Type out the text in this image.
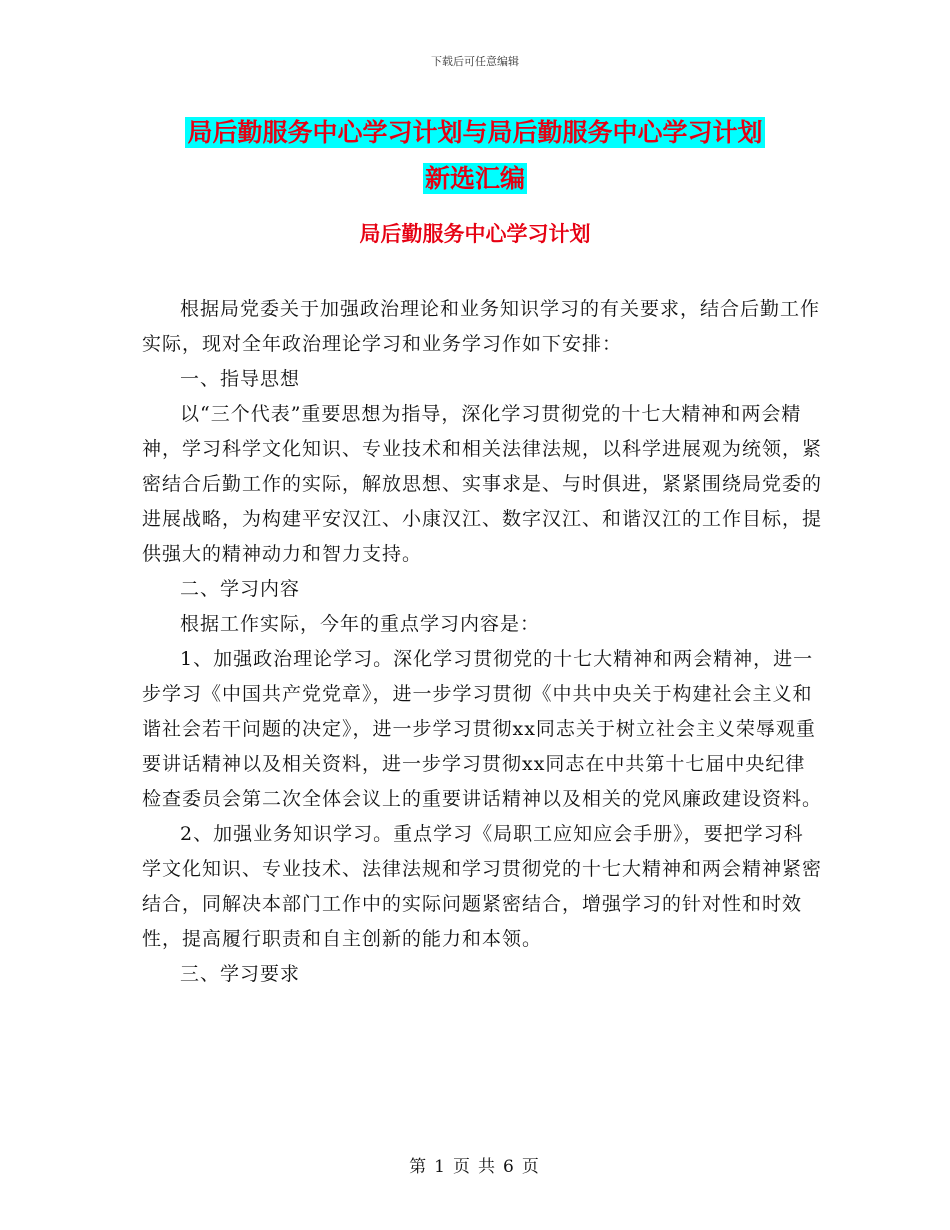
下载后可任意编辑
局后勤服务中心学习计划与局后勤服务中心学习计划
新选汇编
局后勤服务中心学习计划

根据局党委关于加强政治理论和业务知识学习的有关要求，结合后勤工作实际，现对全年政治理论学习和业务学习作如下安排：

一、指导思想

以“三个代表”重要思想为指导，深化学习贯彻党的十七大精神和两会精神，学习科学文化知识、专业技术和相关法律法规，以科学进展观为统领，紧密结合后勤工作的实际，解放思想、实事求是、与时俱进，紧紧围绕局党委的进展战略，为构建平安汉江、小康汉江、数字汉江、和谐汉江的工作目标，提供强大的精神动力和智力支持。

二、学习内容

根据工作实际，今年的重点学习内容是：

1、加强政治理论学习。深化学习贯彻党的十七大精神和两会精神，进一步学习《中国共产党党章》，进一步学习贯彻《中共中央关于构建社会主义和谐社会若干问题的决定》，进一步学习贯彻xx同志关于树立社会主义荣辱观重要讲话精神以及相关资料，进一步学习贯彻xx同志在中共第十七届中央纪律检查委员会第二次全体会议上的重要讲话精神以及相关的党风廉政建设资料。

2、加强业务知识学习。重点学习《局职工应知应会手册》，要把学习科学文化知识、专业技术、法律法规和学习贯彻党的十七大精神和两会精神紧密结合，同解决本部门工作中的实际问题紧密结合，增强学习的针对性和时效性，提高履行职责和自主创新的能力和本领。

三、学习要求

第 1 页 共 6 页
